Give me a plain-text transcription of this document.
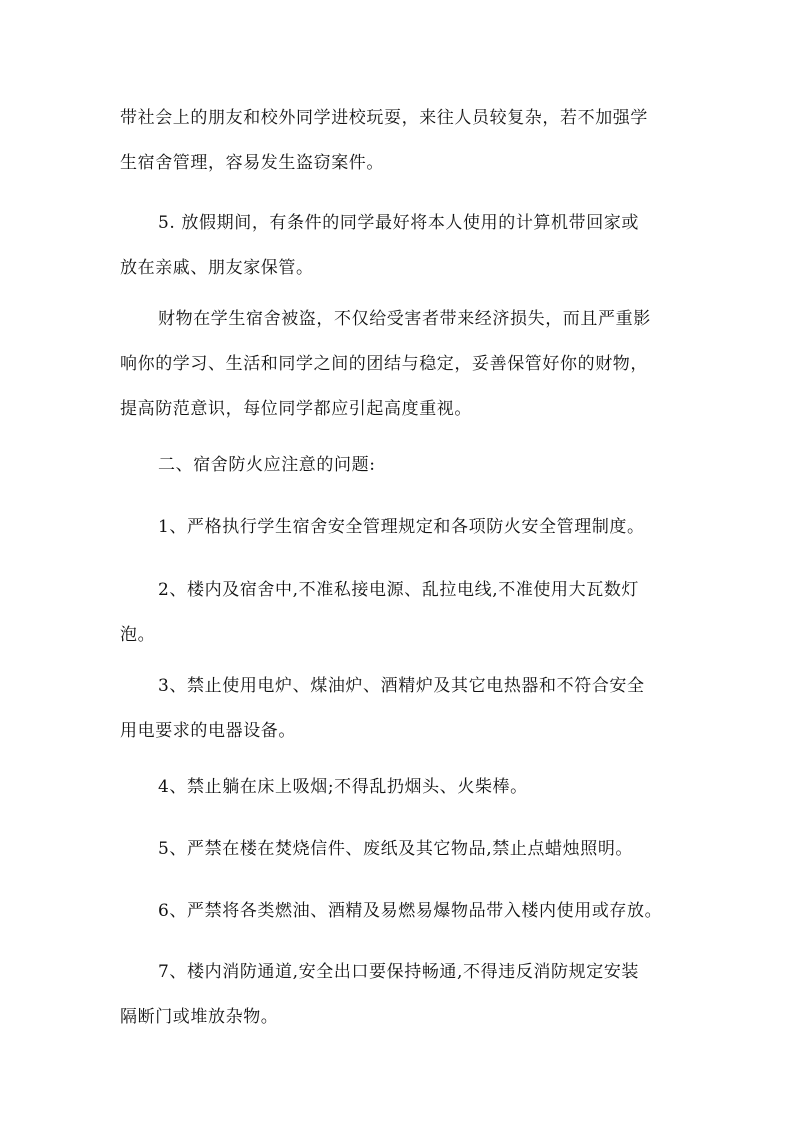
带社会上的朋友和校外同学进校玩耍，来往人员较复杂，若不加强学
生宿舍管理，容易发生盗窃案件。
5. 放假期间，有条件的同学最好将本人使用的计算机带回家或
放在亲戚、朋友家保管。
财物在学生宿舍被盗，不仅给受害者带来经济损失，而且严重影
响你的学习、生活和同学之间的团结与稳定，妥善保管好你的财物，
提高防范意识，每位同学都应引起高度重视。
二、宿舍防火应注意的问题:
1、严格执行学生宿舍安全管理规定和各项防火安全管理制度。
2、楼内及宿舍中,不准私接电源、乱拉电线,不准使用大瓦数灯
泡。
3、禁止使用电炉、煤油炉、酒精炉及其它电热器和不符合安全
用电要求的电器设备。
4、禁止躺在床上吸烟;不得乱扔烟头、火柴棒。
5、严禁在楼在焚烧信件、废纸及其它物品,禁止点蜡烛照明。
6、严禁将各类燃油、酒精及易燃易爆物品带入楼内使用或存放。
7、楼内消防通道,安全出口要保持畅通,不得违反消防规定安装
隔断门或堆放杂物。
